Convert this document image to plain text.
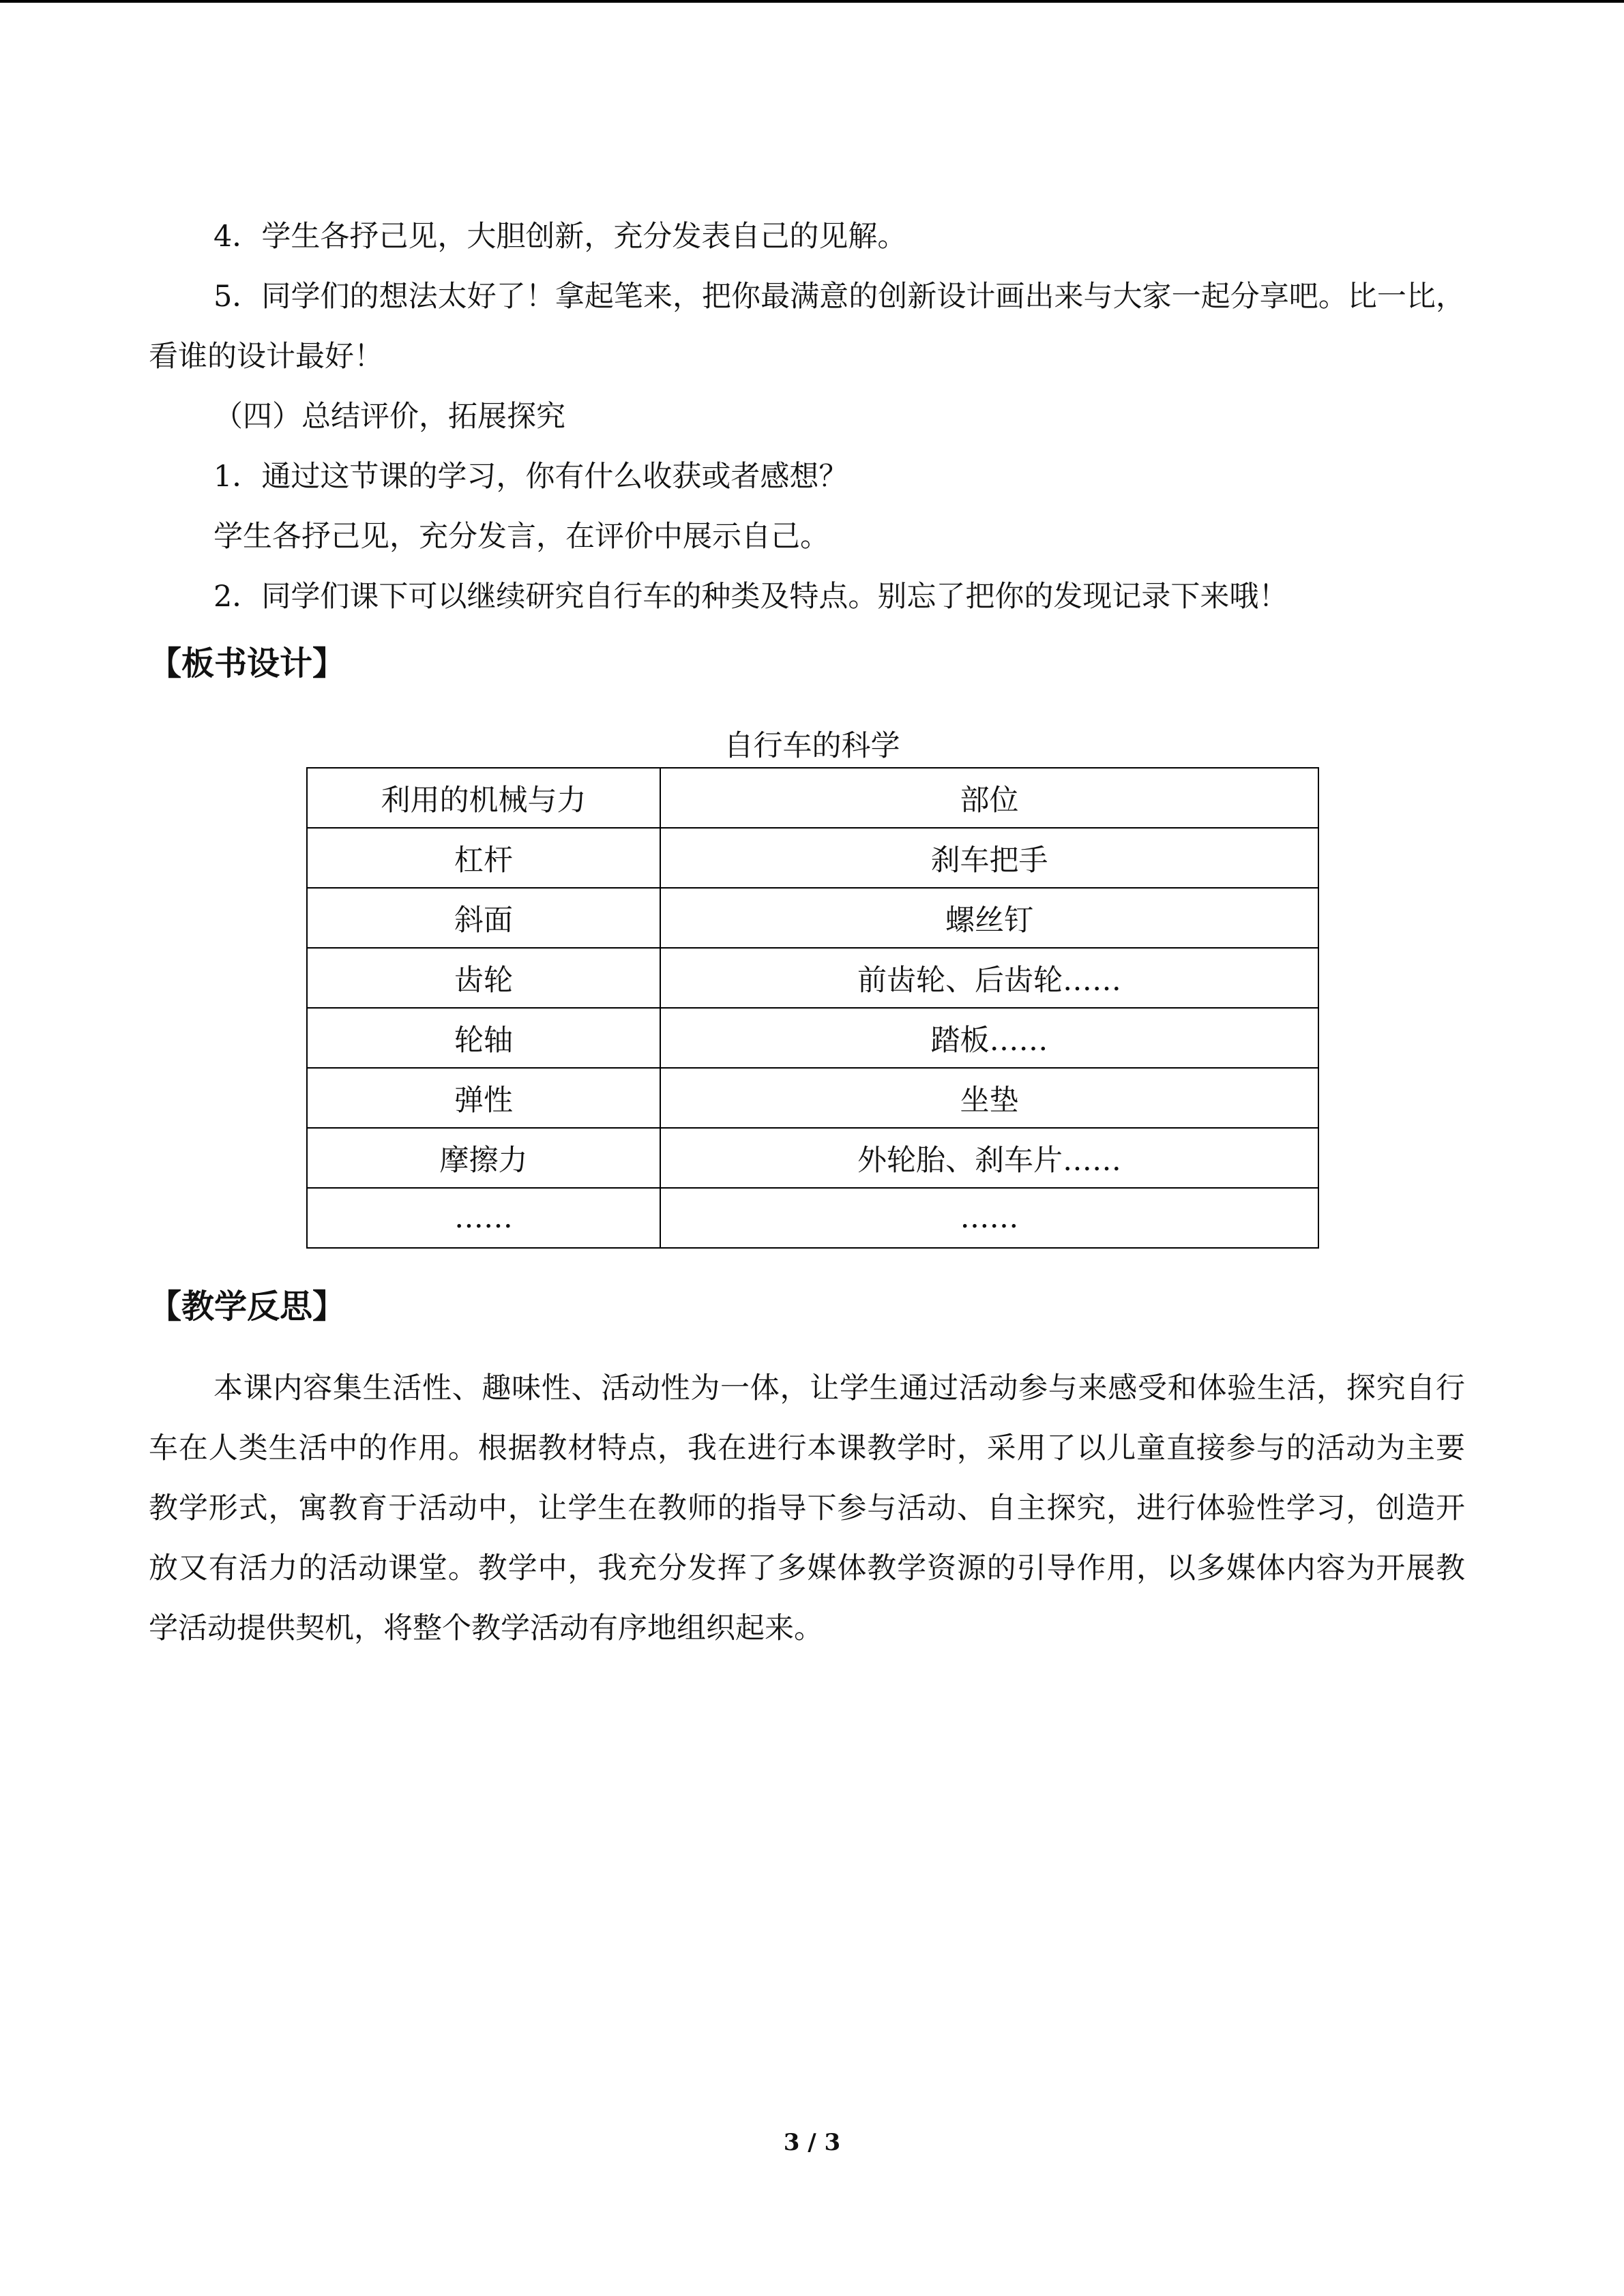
4．学生各抒己见，大胆创新，充分发表自己的见解。

5．同学们的想法太好了！拿起笔来，把你最满意的创新设计画出来与大家一起分享吧。比一比，看谁的设计最好！

（四）总结评价，拓展探究

1．通过这节课的学习，你有什么收获或者感想？

学生各抒己见，充分发言，在评价中展示自己。

2．同学们课下可以继续研究自行车的种类及特点。别忘了把你的发现记录下来哦！

【板书设计】
自行车的科学
利用的机械与力	部位
杠杆	刹车把手
斜面	螺丝钉
齿轮	前齿轮、后齿轮……
轮轴	踏板……
弹性	坐垫
摩擦力	外轮胎、刹车片……
……	……
【教学反思】

本课内容集生活性、趣味性、活动性为一体，让学生通过活动参与来感受和体验生活，探究自行车在人类生活中的作用。根据教材特点，我在进行本课教学时，采用了以儿童直接参与的活动为主要教学形式，寓教育于活动中，让学生在教师的指导下参与活动、自主探究，进行体验性学习，创造开放又有活力的活动课堂。教学中，我充分发挥了多媒体教学资源的引导作用，以多媒体内容为开展教学活动提供契机，将整个教学活动有序地组织起来。

3 / 3
